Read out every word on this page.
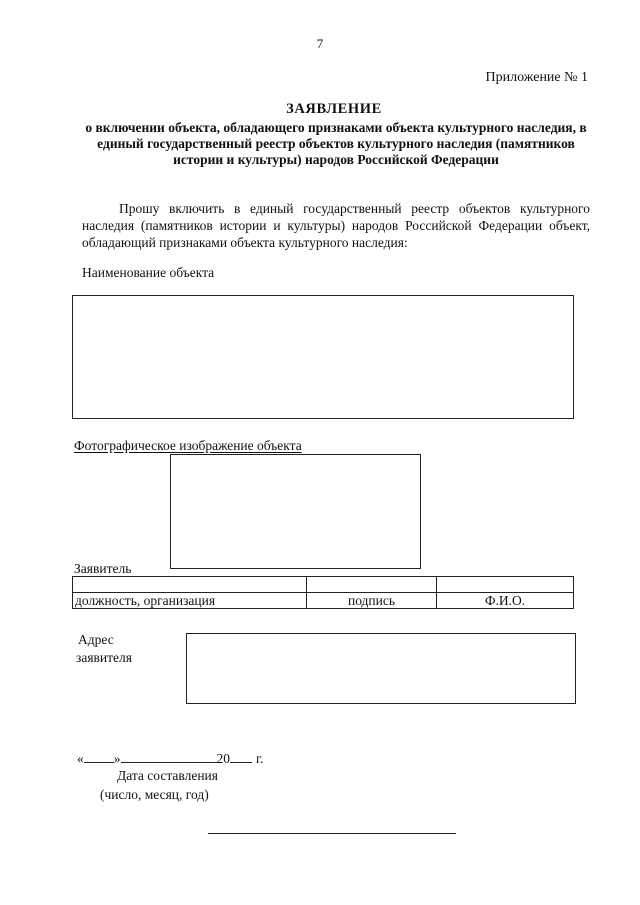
7
Приложение № 1
ЗАЯВЛЕНИЕ
о включении объекта, обладающего признаками объекта культурного наследия, в единый государственный реестр объектов культурного наследия (памятников истории и культуры) народов Российской Федерации
Прошу включить в единый государственный реестр объектов культурного наследия (памятников истории и культуры) народов Российской Федерации объект, обладающий признаками объекта культурного наследия:
Наименование объекта
Фотографическое изображение объекта
Заявитель

должность, организация	подпись	Ф.И.О.
Адрес
заявителя
« »	20 г.
Дата составления
(число, месяц, год)
